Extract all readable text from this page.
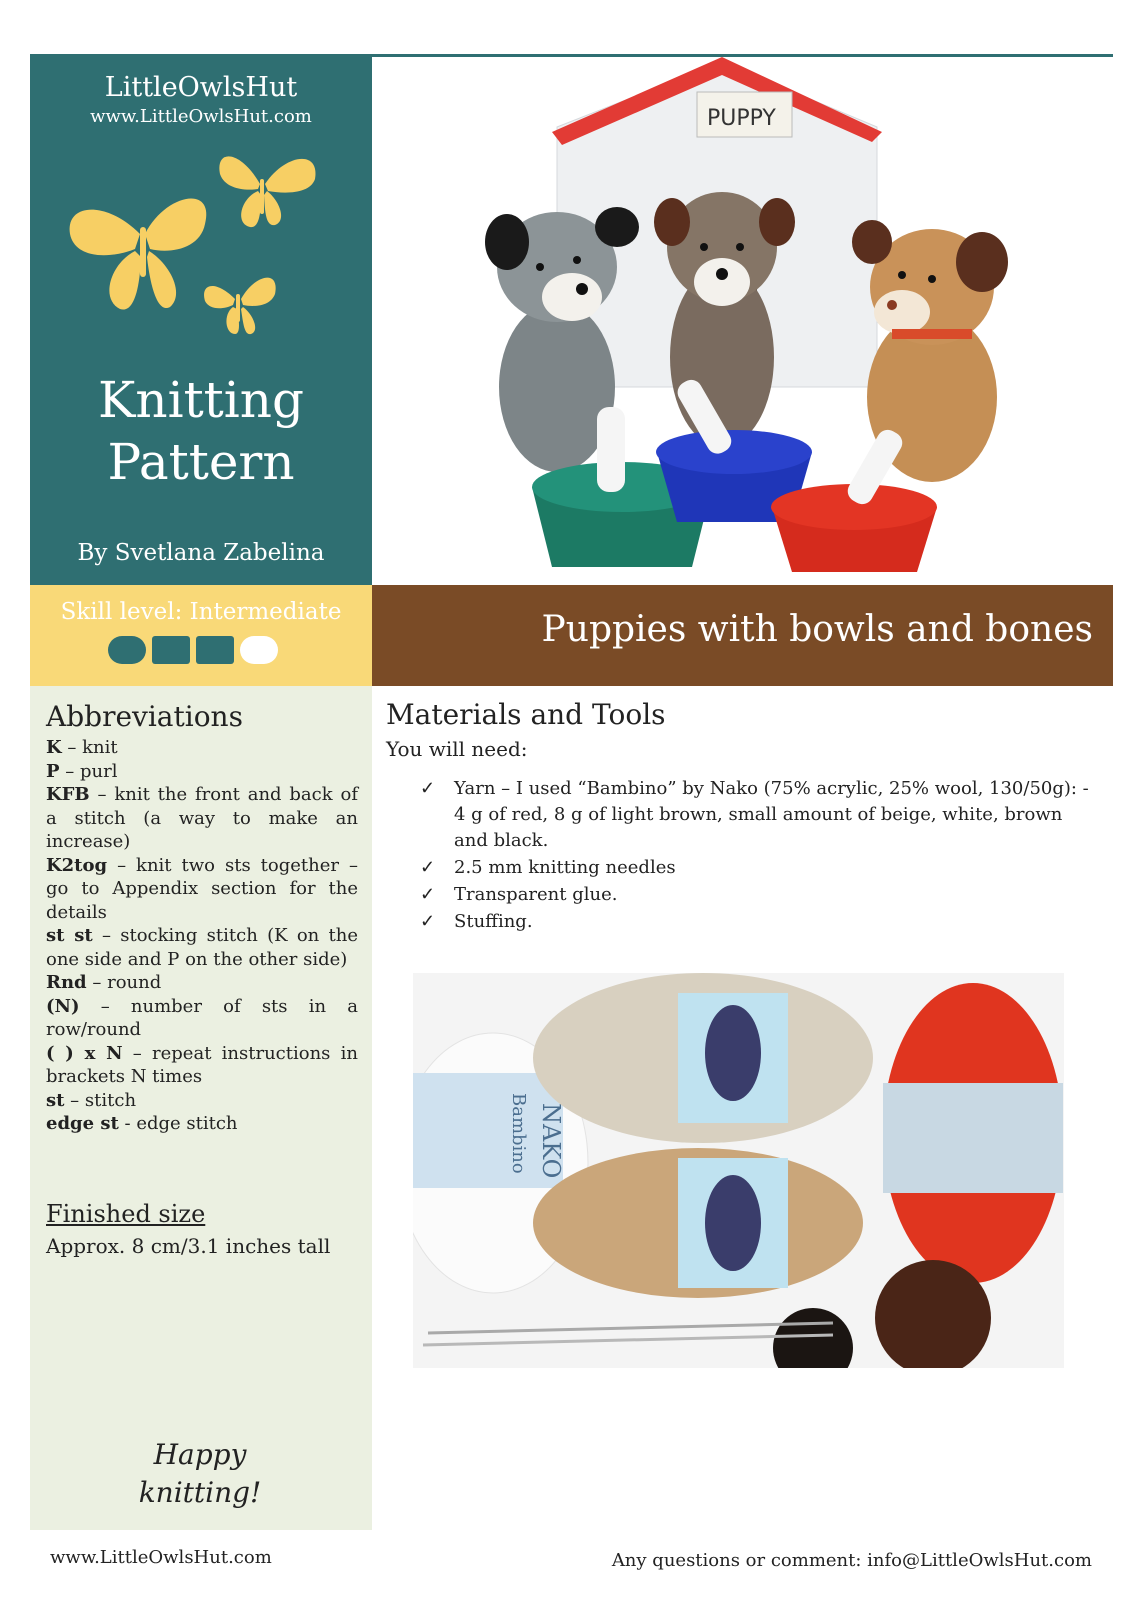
LittleOwlsHut
www.LittleOwlsHut.com
Knitting
Pattern
By Svetlana Zabelina
PUPPY
Skill level: Intermediate	Puppies with bowls and bones
Abbreviations
K – knit
P – purl
KFB – knit the front and back of a stitch (a way to make an increase)
K2tog – knit two sts together – go to Appendix section for the details
st st – stocking stitch (K on the one side and P on the other side)
Rnd – round
(N) – number of sts in a row/round
( ) x N – repeat instructions in brackets N times
st – stitch
edge st - edge stitch
Finished size
Approx. 8 cm/3.1 inches tall
Happy
knitting!
Materials and Tools
You will need:
✓ Yarn – I used “Bambino” by Nako (75% acrylic, 25% wool, 130/50g): - 4 g of red, 8 g of light brown, small amount of beige, white, brown and black.
✓ 2.5 mm knitting needles
✓ Transparent glue.
✓ Stuffing.
NAKO
Bambino
www.LittleOwlsHut.com	Any questions or comment: info@LittleOwlsHut.com
